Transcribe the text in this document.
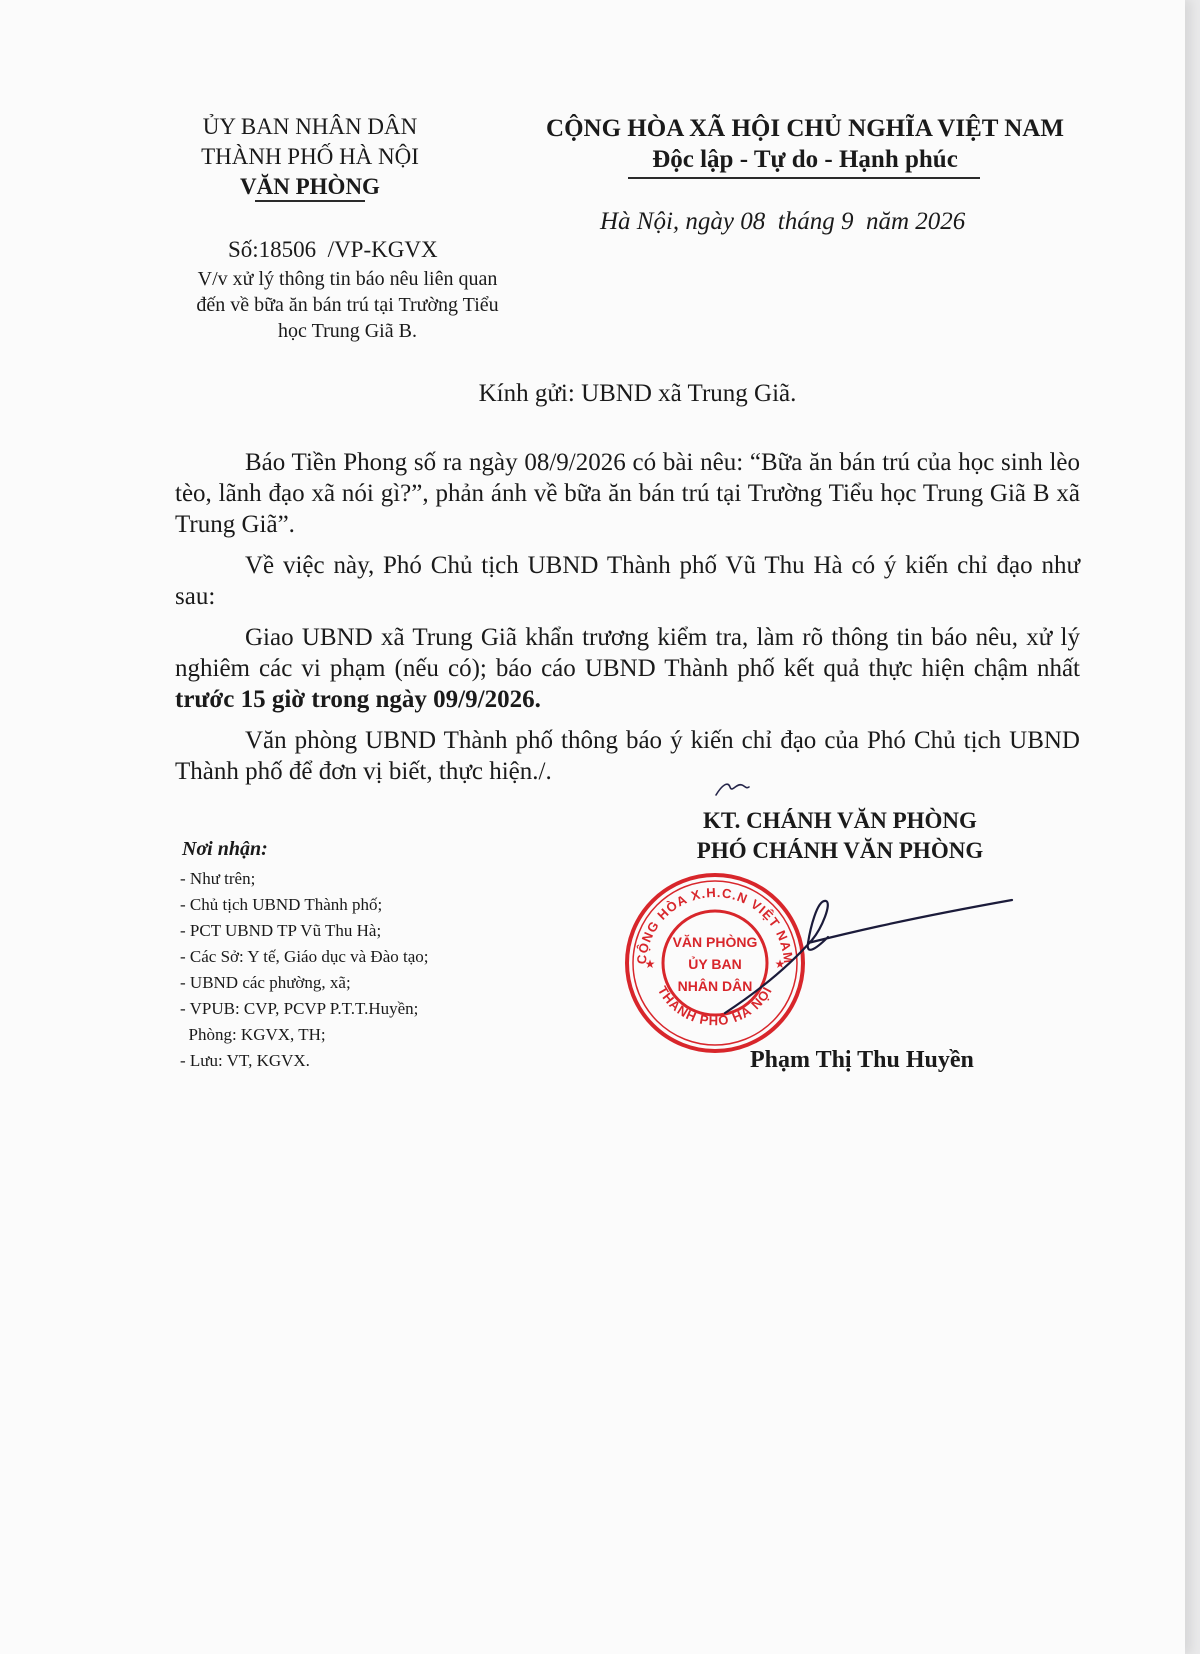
ỦY BAN NHÂN DÂN
THÀNH PHỐ HÀ NỘI
VĂN PHÒNG
CỘNG HÒA XÃ HỘI CHỦ NGHĨA VIỆT NAM
Độc lập - Tự do - Hạnh phúc
Hà Nội, ngày 08  tháng 9  năm 2026
Số:18506  /VP-KGVX
V/v xử lý thông tin báo nêu liên quan
đến về bữa ăn bán trú tại Trường Tiểu
học Trung Giã B.
Kính gửi: UBND xã Trung Giã.

Báo Tiền Phong số ra ngày 08/9/2026 có bài nêu: “Bữa ăn bán trú của học sinh lèo tèo, lãnh đạo xã nói gì?”, phản ánh về bữa ăn bán trú tại Trường Tiểu học Trung Giã B xã Trung Giã”.

Về việc này, Phó Chủ tịch UBND Thành phố Vũ Thu Hà có ý kiến chỉ đạo như sau:

Giao UBND xã Trung Giã khẩn trương kiểm tra, làm rõ thông tin báo nêu, xử lý nghiêm các vi phạm (nếu có); báo cáo UBND Thành phố kết quả thực hiện chậm nhất trước 15 giờ trong ngày 09/9/2026.

Văn phòng UBND Thành phố thông báo ý kiến chỉ đạo của Phó Chủ tịch UBND Thành phố để đơn vị biết, thực hiện./.

KT. CHÁNH VĂN PHÒNG
PHÓ CHÁNH VĂN PHÒNG
Nơi nhận:
- Như trên;
- Chủ tịch UBND Thành phố;
- PCT UBND TP Vũ Thu Hà;
- Các Sở: Y tế, Giáo dục và Đào tạo;
- UBND các phường, xã;
- VPUB: CVP, PCVP P.T.T.Huyền;
Phòng: KGVX, TH;
- Lưu: VT, KGVX.
CỘNG HÒA X.H.C.N VIỆT NAM
THÀNH PHỐ HÀ NỘI
VĂN PHÒNG
ỦY BAN
NHÂN DÂN
★	★
Phạm Thị Thu Huyền
